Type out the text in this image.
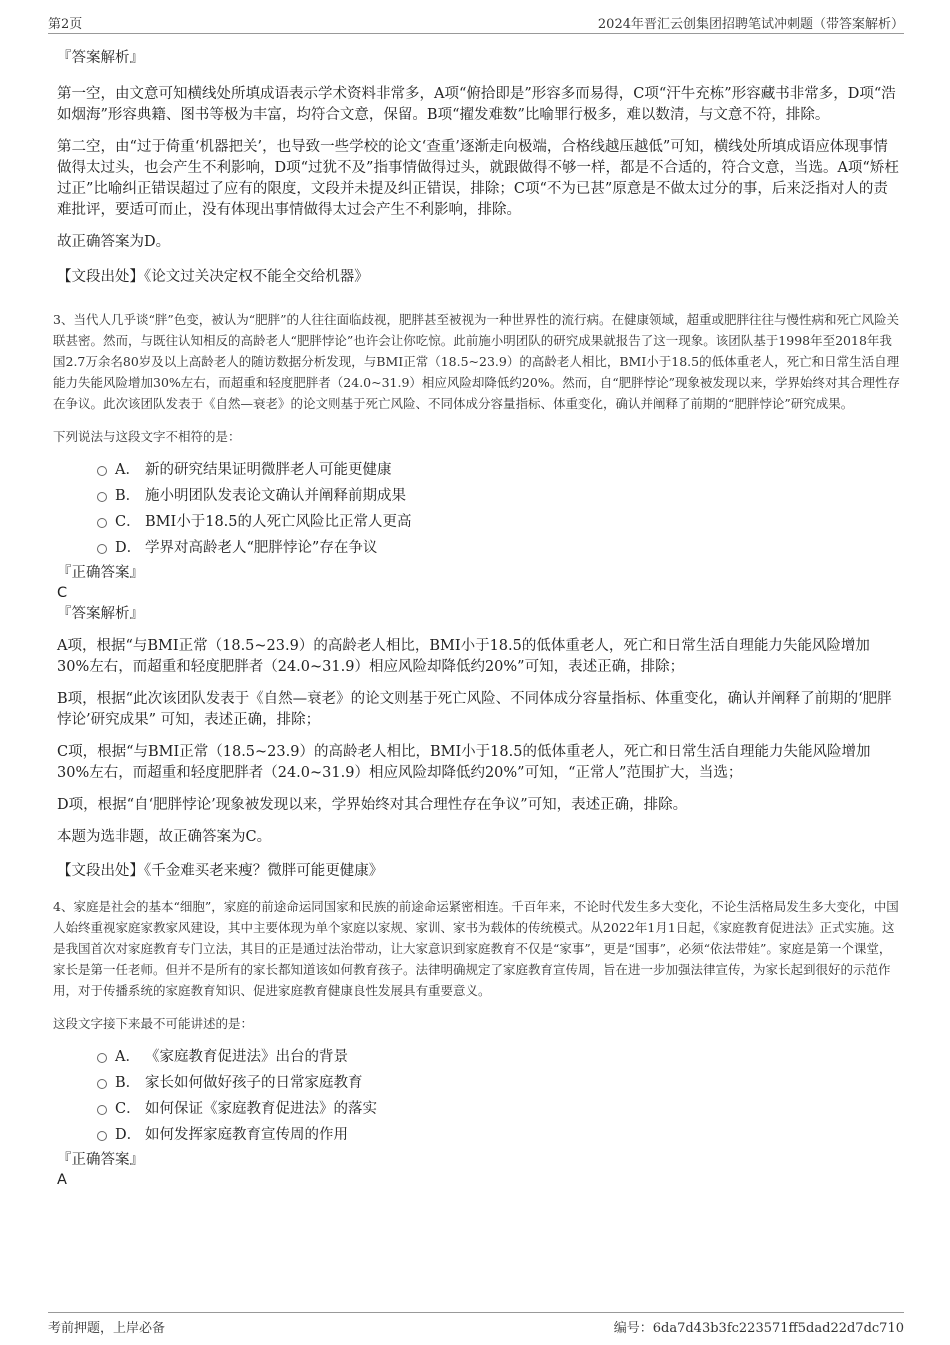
第2页	2024年晋汇云创集团招聘笔试冲刺题（带答案解析）

『答案解析』

第一空，由文意可知横线处所填成语表示学术资料非常多，A项“俯拾即是”形容多而易得，C项“汗牛充栋”形容藏书非常多，D项“浩如烟海”形容典籍、图书等极为丰富，均符合文意，保留。B项“擢发难数”比喻罪行极多，难以数清，与文意不符，排除。

第二空，由“过于倚重‘机器把关’，也导致一些学校的论文‘查重’逐渐走向极端，合格线越压越低”可知，横线处所填成语应体现事情做得太过头，也会产生不利影响，D项“过犹不及”指事情做得过头，就跟做得不够一样，都是不合适的，符合文意，当选。A项“矫枉过正”比喻纠正错误超过了应有的限度，文段并未提及纠正错误，排除；C项“不为已甚”原意是不做太过分的事，后来泛指对人的责难批评，要适可而止，没有体现出事情做得太过会产生不利影响，排除。

故正确答案为D。

【文段出处】《论文过关决定权不能全交给机器》

3、当代人几乎谈“胖”色变，被认为“肥胖”的人往往面临歧视，肥胖甚至被视为一种世界性的流行病。在健康领域，超重或肥胖往往与慢性病和死亡风险关联甚密。然而，与既往认知相反的高龄老人“肥胖悖论”也许会让你吃惊。此前施小明团队的研究成果就报告了这一现象。该团队基于1998年至2018年我国2.7万余名80岁及以上高龄老人的随访数据分析发现，与BMI正常（18.5~23.9）的高龄老人相比，BMI小于18.5的低体重老人，死亡和日常生活自理能力失能风险增加30%左右，而超重和轻度肥胖者（24.0~31.9）相应风险却降低约20%。然而，自“肥胖悖论”现象被发现以来，学界始终对其合理性存在争议。此次该团队发表于《自然—衰老》的论文则基于死亡风险、不同体成分容量指标、体重变化，确认并阐释了前期的“肥胖悖论”研究成果。

下列说法与这段文字不相符的是：

A． 新的研究结果证明微胖老人可能更健康
B． 施小明团队发表论文确认并阐释前期成果
C． BMI小于18.5的人死亡风险比正常人更高
D． 学界对高龄老人“肥胖悖论”存在争议

『正确答案』

C

『答案解析』

A项，根据“与BMI正常（18.5~23.9）的高龄老人相比，BMI小于18.5的低体重老人，死亡和日常生活自理能力失能风险增加30%左右，而超重和轻度肥胖者（24.0~31.9）相应风险却降低约20%”可知，表述正确，排除；

B项，根据“此次该团队发表于《自然—衰老》的论文则基于死亡风险、不同体成分容量指标、体重变化，确认并阐释了前期的‘肥胖悖论’研究成果” 可知，表述正确，排除；

C项，根据“与BMI正常（18.5~23.9）的高龄老人相比，BMI小于18.5的低体重老人，死亡和日常生活自理能力失能风险增加30%左右，而超重和轻度肥胖者（24.0~31.9）相应风险却降低约20%”可知，“正常人”范围扩大，当选；

D项，根据“自‘肥胖悖论’现象被发现以来，学界始终对其合理性存在争议”可知，表述正确，排除。

本题为选非题，故正确答案为C。

【文段出处】《千金难买老来瘦？微胖可能更健康》

4、家庭是社会的基本“细胞”，家庭的前途命运同国家和民族的前途命运紧密相连。千百年来，不论时代发生多大变化，不论生活格局发生多大变化，中国人始终重视家庭家教家风建设，其中主要体现为单个家庭以家规、家训、家书为载体的传统模式。从2022年1月1日起，《家庭教育促进法》正式实施。这是我国首次对家庭教育专门立法，其目的正是通过法治带动，让大家意识到家庭教育不仅是“家事”，更是“国事”，必须“依法带娃”。家庭是第一个课堂，家长是第一任老师。但并不是所有的家长都知道该如何教育孩子。法律明确规定了家庭教育宣传周，旨在进一步加强法律宣传，为家长起到很好的示范作用，对于传播系统的家庭教育知识、促进家庭教育健康良性发展具有重要意义。

这段文字接下来最不可能讲述的是：

A． 《家庭教育促进法》出台的背景
B． 家长如何做好孩子的日常家庭教育
C． 如何保证《家庭教育促进法》的落实
D． 如何发挥家庭教育宣传周的作用

『正确答案』

A

考前押题，上岸必备	编号：6da7d43b3fc223571ff5dad22d7dc710
